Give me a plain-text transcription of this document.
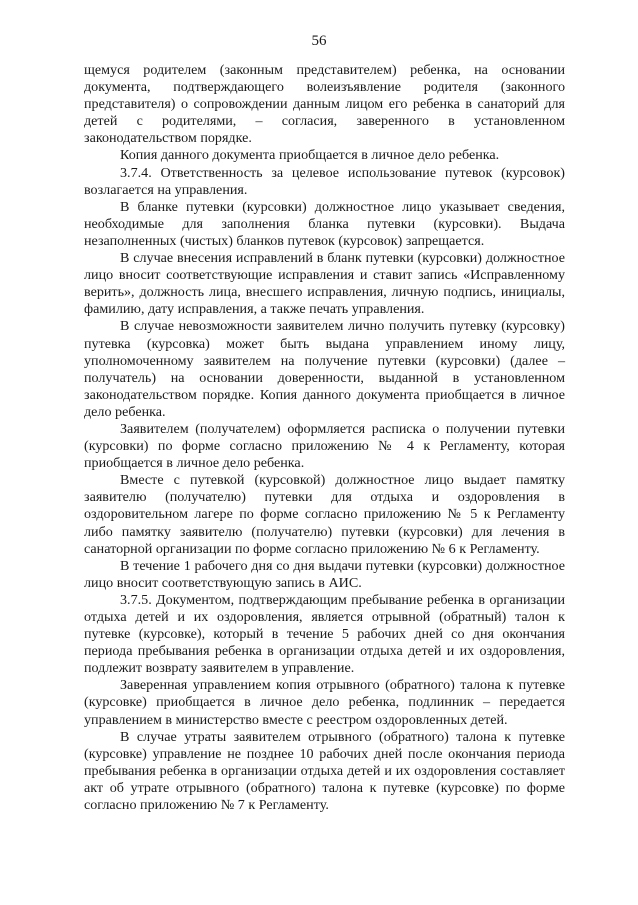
56

щемуся родителем (законным представителем) ребенка, на основании документа, подтверждающего волеизъявление родителя (законного представителя) о сопровождении данным лицом его ребенка в санаторий для детей с родителями, – согласия, заверенного в установленном законодательством порядке.

Копия данного документа приобщается в личное дело ребенка.

3.7.4. Ответственность за целевое использование путевок (курсовок) возлагается на управления.

В бланке путевки (курсовки) должностное лицо указывает сведения, необходимые для заполнения бланка путевки (курсовки). Выдача незаполненных (чистых) бланков путевок (курсовок) запрещается.

В случае внесения исправлений в бланк путевки (курсовки) должностное лицо вносит соответствующие исправления и ставит запись «Исправленному верить», должность лица, внесшего исправления, личную подпись, инициалы, фамилию, дату исправления, а также печать управления.

В случае невозможности заявителем лично получить путевку (курсовку) путевка (курсовка) может быть выдана управлением иному лицу, уполномоченному заявителем на получение путевки (курсовки) (далее – получатель) на основании доверенности, выданной в установленном законодательством порядке. Копия данного документа приобщается в личное дело ребенка.

Заявителем (получателем) оформляется расписка о получении путевки (курсовки) по форме согласно приложению № 4 к Регламенту, которая приобщается в личное дело ребенка.

Вместе с путевкой (курсовкой) должностное лицо выдает памятку заявителю (получателю) путевки для отдыха и оздоровления в оздоровительном лагере по форме согласно приложению № 5 к Регламенту либо памятку заявителю (получателю) путевки (курсовки) для лечения в санаторной организации по форме согласно приложению № 6 к Регламенту.

В течение 1 рабочего дня со дня выдачи путевки (курсовки) должностное лицо вносит соответствующую запись в АИС.

3.7.5. Документом, подтверждающим пребывание ребенка в организации отдыха детей и их оздоровления, является отрывной (обратный) талон к путевке (курсовке), который в течение 5 рабочих дней со дня окончания периода пребывания ребенка в организации отдыха детей и их оздоровления, подлежит возврату заявителем в управление.

Заверенная управлением копия отрывного (обратного) талона к путевке (курсовке) приобщается в личное дело ребенка, подлинник – передается управлением в министерство вместе с реестром оздоровленных детей.

В случае утраты заявителем отрывного (обратного) талона к путевке (курсовке) управление не позднее 10 рабочих дней после окончания периода пребывания ребенка в организации отдыха детей и их оздоровления составляет акт об утрате отрывного (обратного) талона к путевке (курсовке) по форме согласно приложению № 7 к Регламенту.
